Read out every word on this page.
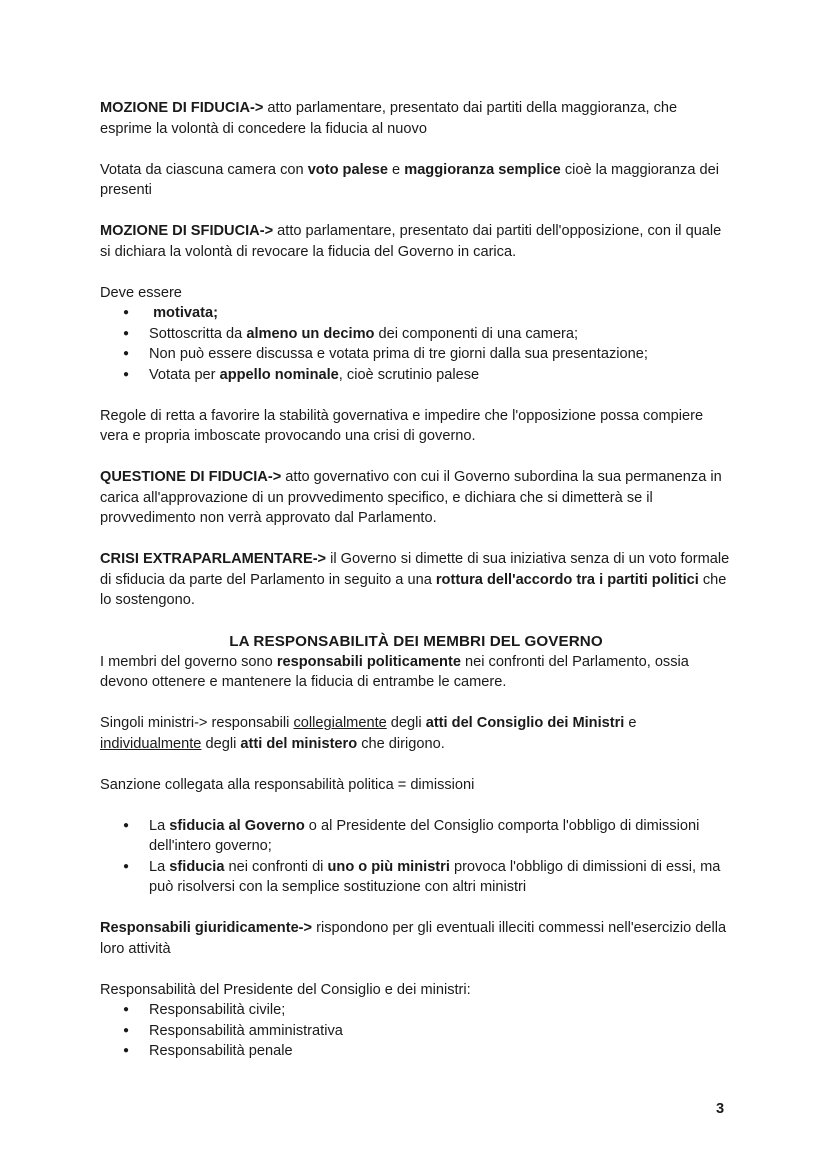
MOZIONE DI FIDUCIA-> atto parlamentare, presentato dai partiti della maggioranza, che esprime la volontà di concedere la fiducia al nuovo

Votata da ciascuna camera con voto palese e maggioranza semplice cioè la maggioranza dei presenti

MOZIONE DI SFIDUCIA-> atto parlamentare, presentato dai partiti dell'opposizione, con il quale si dichiara la volontà di revocare la fiducia del Governo in carica.

Deve essere

● motivata;
● Sottoscritta da almeno un decimo dei componenti di una camera;
● Non può essere discussa e votata prima di tre giorni dalla sua presentazione;
● Votata per appello nominale, cioè scrutinio palese

Regole di retta a favorire la stabilità governativa e impedire che l'opposizione possa compiere vera e propria imboscate provocando una crisi di governo.

QUESTIONE DI FIDUCIA-> atto governativo con cui il Governo subordina la sua permanenza in carica all'approvazione di un provvedimento specifico, e dichiara che si dimetterà se il provvedimento non verrà approvato dal Parlamento.

CRISI EXTRAPARLAMENTARE-> il Governo si dimette di sua iniziativa senza di un voto formale di sfiducia da parte del Parlamento in seguito a una rottura dell'accordo tra i partiti politici che lo sostengono.

LA RESPONSABILITÀ DEI MEMBRI DEL GOVERNO

I membri del governo sono responsabili politicamente nei confronti del Parlamento, ossia devono ottenere e mantenere la fiducia di entrambe le camere.

Singoli ministri-> responsabili collegialmente degli atti del Consiglio dei Ministri e individualmente degli atti del ministero che dirigono.

Sanzione collegata alla responsabilità politica = dimissioni

● La sfiducia al Governo o al Presidente del Consiglio comporta l'obbligo di dimissioni dell'intero governo;
● La sfiducia nei confronti di uno o più ministri provoca l'obbligo di dimissioni di essi, ma può risolversi con la semplice sostituzione con altri ministri

Responsabili giuridicamente-> rispondono per gli eventuali illeciti commessi nell'esercizio della loro attività

Responsabilità del Presidente del Consiglio e dei ministri:

● Responsabilità civile;
● Responsabilità amministrativa
● Responsabilità penale
3
